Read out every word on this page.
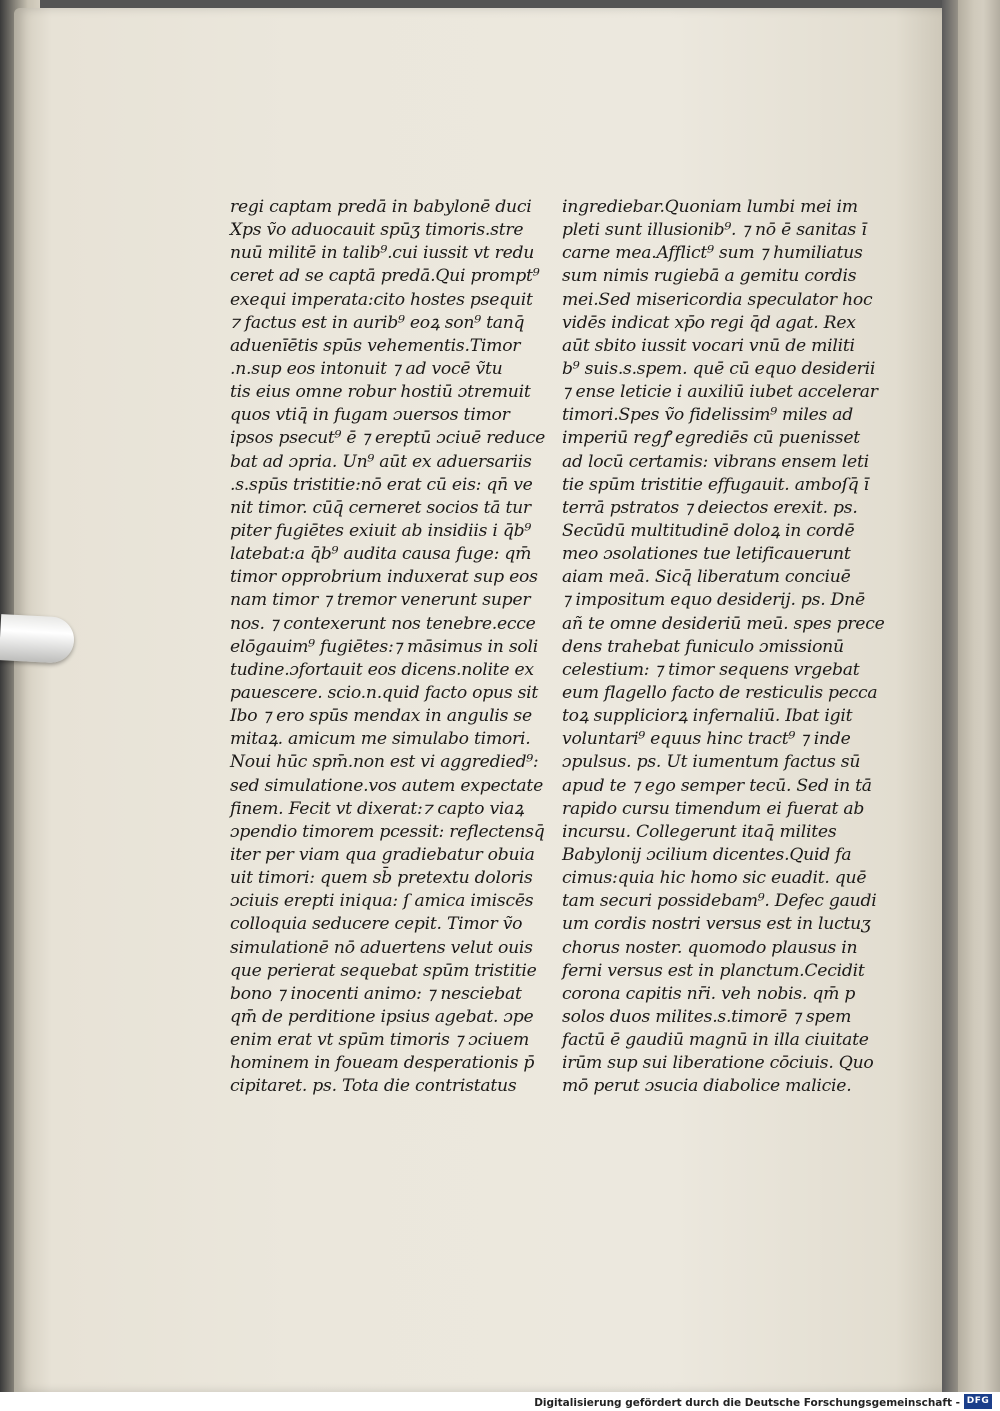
regi captam predā in babylonē duci
Xps ṽo aduocauit spūʒ timoris.stre
nuū militē in talib⁹.cui iussit vt redu
ceret ad se captā predā.Qui prompt⁹
exequi imperata:cito hostes psequit
⁊ factus est in aurib⁹ eoꝝ son⁹ tanq̄
aduenīētis spūs vehementis.Timor
.n.sup eos intonuit ⁊ ad vocē ṽtu
tis eius omne robur hostiū ɔtremuit
quos vtiq̄ in fugam ɔuersos timor
ipsos psecut⁹ ē ⁊ ereptū ɔciuē reduce
bat ad ɔpria. Un⁹ aūt ex aduersariis
.s.spūs tristitie:nō erat cū eis: qn̄ ve
nit timor. cūq̄ cerneret socios tā tur
piter fugiētes exiuit ab insidiis i q̄b⁹
latebat:a q̄b⁹ audita causa fuge: qm̄
timor opprobrium induxerat sup eos
nam timor ⁊ tremor venerunt super
nos. ⁊ contexerunt nos tenebre.ecce
elōgauim⁹ fugiētes:⁊ māsimus in soli
tudine.ɔfortauit eos dicens.nolite ex
pauescere. scio.n.quid facto opus sit
Ibo ⁊ ero spūs mendax in angulis se
mitaꝝ. amicum me simulabo timori.
Noui hūc spm̄.non est vi aggredied⁹:
sed simulatione.vos autem expectate
finem. Fecit vt dixerat:⁊ capto viaꝝ
ɔpendio timorem pcessit: reflectensq̄
iter per viam qua gradiebatur obuia
uit timori: quem sb̄ pretextu doloris
ɔciuis erepti iniqua: ſ amica imiscēs
colloquia seducere cepit. Timor ṽo
simulationē nō aduertens velut ouis
que perierat sequebat spūm tristitie
bono ⁊ inocenti animo: ⁊ nesciebat
qm̄ de perditione ipsius agebat. ɔpe
enim erat vt spūm timoris ⁊ ɔciuem
hominem in foueam desperationis p̄
cipitaret. ps. Tota die contristatus
ingrediebar.Quoniam lumbi mei im
pleti sunt illusionib⁹. ⁊ nō ē sanitas ī
carne mea.Afflict⁹ sum ⁊ humiliatus
sum nimis rugiebā a gemitu cordis
mei.Sed misericordia speculator hoc
vidēs indicat xp̄o regi q̄d agat. Rex
aūt sbito iussit vocari vnū de militi
b⁹ suis.s.spem. quē cū equo desiderii
⁊ ense leticie i auxiliū iubet accelerar
timori.Spes ṽo fidelissim⁹ miles ad
imperiū regꝭ egrediēs cū puenisset
ad locū certamis: vibrans ensem leti
tie spūm tristitie effugauit. amboſq̄ ī
terrā pstratos ⁊ deiectos erexit. ps.
Secūdū multitudinē doloꝝ in cordē
meo ɔsolationes tue letificauerunt
aiam meā. Sicq̄ liberatum conciuē
⁊ impositum equo desiderij. ps. Dnē
añ te omne desideriū meū. spes prece
dens trahebat funiculo ɔmissionū
celestium: ⁊ timor sequens vrgebat
eum flagello facto de resticulis pecca
toꝝ suppliciorꝝ infernaliū. Ibat igit
voluntari⁹ equus hinc tract⁹ ⁊ inde
ɔpulsus. ps. Ut iumentum factus sū
apud te ⁊ ego semper tecū. Sed in tā
rapido cursu timendum ei fuerat ab
incursu. Collegerunt itaq̄ milites
Babylonij ɔcilium dicentes.Quid fa
cimus:quia hic homo sic euadit. quē
tam securi possidebam⁹. Defec gaudi
um cordis nostri versus est in luctuʒ
chorus noster. quomodo plausus in
ferni versus est in planctum.Cecidit
corona capitis nr̄i. veh nobis. qm̄ p
solos duos milites.s.timorē ⁊ spem
factū ē gaudiū magnū in illa ciuitate
irūm sup sui liberatione cōciuis. Quo
mō perut ɔsucia diabolice malicie.
Digitalisierung gefördert durch die Deutsche Forschungsgemeinschaft - DFG
